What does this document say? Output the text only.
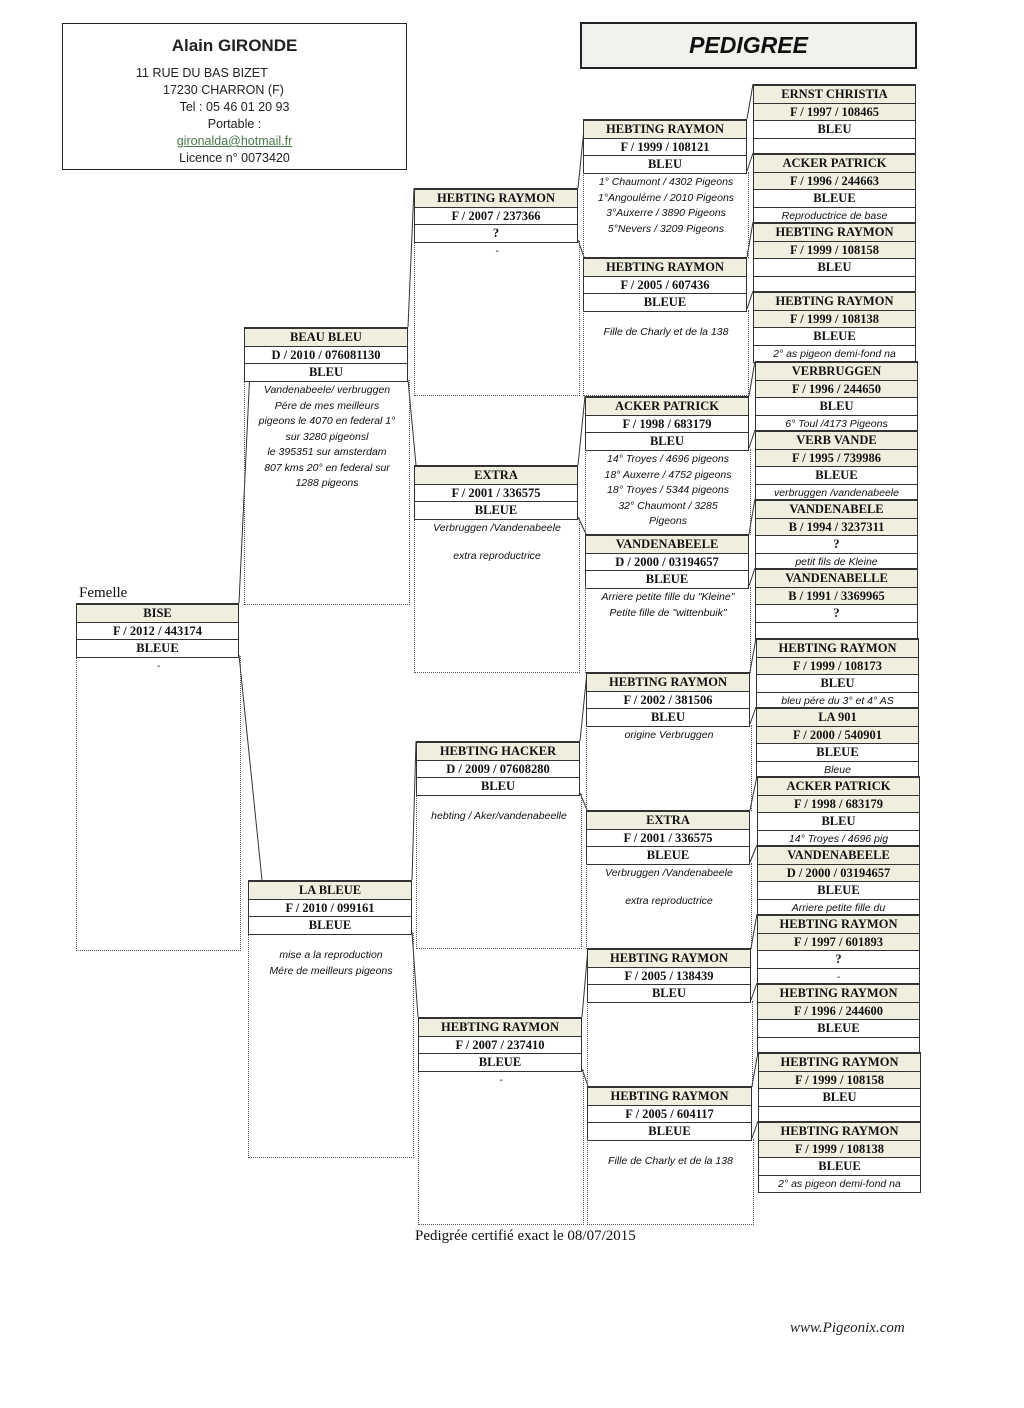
Alain GIRONDE
11 RUE DU BAS BIZET
17230 CHARRON (F)
Tel : 05 46 01 20 93
Portable :
gironalda@hotmail.fr
Licence n° 0073420
PEDIGREE
Femelle
BISE
F / 2012 / 443174
BLEUE
-
BEAU BLEU
D / 2010 / 076081130
BLEU
Vandenabeele/ verbruggen
Pére de mes meilleurs
pigeons le 4070 en federal 1°
sur 3280 pigeonsl
le 395351 sur amsterdam
807 kms 20° en federal sur
1288 pigeons
LA BLEUE
F / 2010 / 099161
BLEUE
mise a la reproduction
Mére de meilleurs pigeons
HEBTING RAYMON
F / 2007 / 237366
?
-
EXTRA
F / 2001 / 336575
BLEUE
Verbruggen /Vandenabeele
extra reproductrice
HEBTING HACKER
D / 2009 / 07608280
BLEU
hebting / Aker/vandenabeelle
HEBTING RAYMON
F / 2007 / 237410
BLEUE
-
HEBTING RAYMON
F / 1999 / 108121
BLEU
1° Chaumont / 4302 Pigeons
1°Angouléme / 2010 Pigeons
3°Auxerre / 3890 Pigeons
5°Nevers / 3209 Pigeons
HEBTING RAYMON
F / 2005 / 607436
BLEUE
Fille de Charly et de la 138
ACKER PATRICK
F / 1998 / 683179
BLEU
14° Troyes / 4696 pigeons
18° Auxerre / 4752 pigeons
18° Troyes / 5344 pigeons
32° Chaumont / 3285
Pigeons
VANDENABEELE
D / 2000 / 03194657
BLEUE
Arriere petite fille du "Kleine"
Petite fille de "wittenbuik"
HEBTING RAYMON
F / 2002 / 381506
BLEU
origine Verbruggen
EXTRA
F / 2001 / 336575
BLEUE
Verbruggen /Vandenabeele
extra reproductrice
HEBTING RAYMON
F / 2005 / 138439
BLEU
HEBTING RAYMON
F / 2005 / 604117
BLEUE
Fille de Charly et de la 138
ERNST CHRISTIA
F / 1997 / 108465
BLEU
ACKER PATRICK
F / 1996 / 244663
BLEUE
Reproductrice de base
HEBTING RAYMON
F / 1999 / 108158
BLEU
HEBTING RAYMON
F / 1999 / 108138
BLEUE
2° as pigeon demi-fond na
VERBRUGGEN
F / 1996 / 244650
BLEU
6° Toul /4173 Pigeons
VERB VANDE
F / 1995 / 739986
BLEUE
verbruggen /vandenabeele
VANDENABELE
B / 1994 / 3237311
?
petit fils de Kleine
VANDENABELLE
B / 1991 / 3369965
?
HEBTING RAYMON
F / 1999 / 108173
BLEU
bleu pére du 3° et 4° AS
LA 901
F / 2000 / 540901
BLEUE
Bleue
ACKER PATRICK
F / 1998 / 683179
BLEU
14° Troyes / 4696 pig
VANDENABEELE
D / 2000 / 03194657
BLEUE
Arriere petite fille du
HEBTING RAYMON
F / 1997 / 601893
?
-
HEBTING RAYMON
F / 1996 / 244600
BLEUE
HEBTING RAYMON
F / 1999 / 108158
BLEU
HEBTING RAYMON
F / 1999 / 108138
BLEUE
2° as pigeon demi-fond na
Pedigrée certifié exact le 08/07/2015
www.Pigeonix.com
